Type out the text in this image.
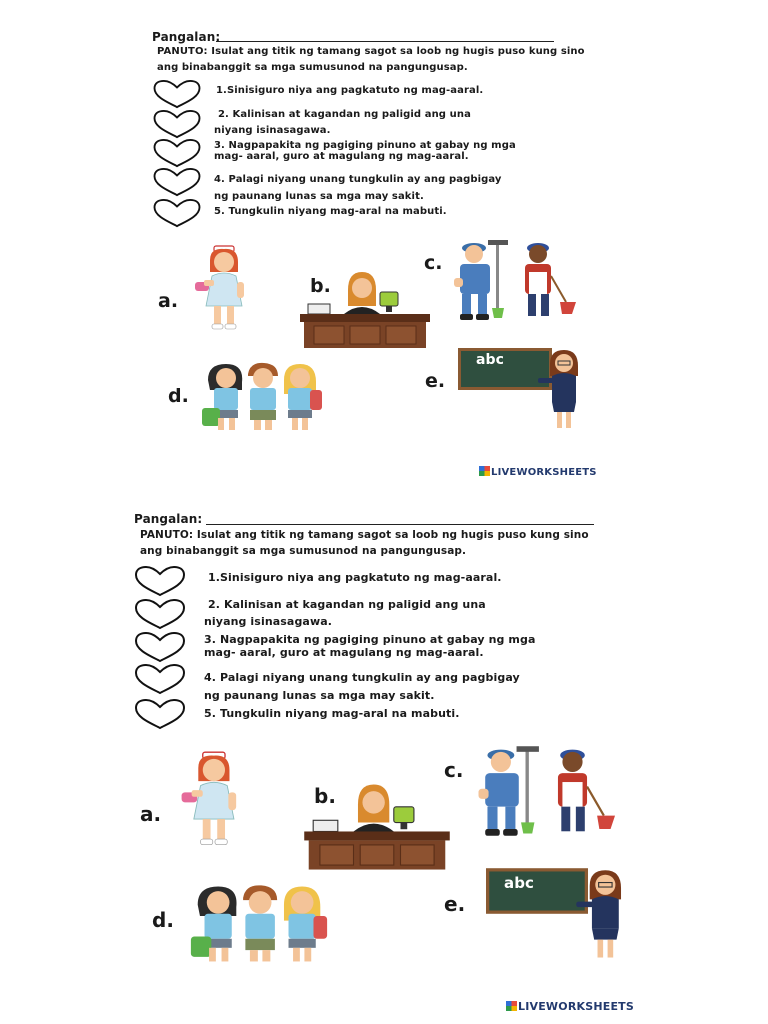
Pangalan:
PANUTO: Isulat ang titik ng tamang sagot sa loob ng hugis puso kung sino
ang binabanggit sa mga sumusunod na pangungusap.
1.Sinisiguro niya ang pagkatuto ng mag-aaral.
2. Kalinisan at kagandan ng paligid ang una
niyang isinasagawa.
3. Nagpapakita ng pagiging pinuno at gabay ng mga
mag- aaral, guro at magulang ng mag-aaral.
4. Palagi niyang unang tungkulin ay ang pagbigay
ng paunang lunas sa mga may sakit.
5. Tungkulin niyang mag-aral na mabuti.
a.
b.
c.
d.
e.
abc
LIVEWORKSHEETS
Pangalan:
PANUTO: Isulat ang titik ng tamang sagot sa loob ng hugis puso kung sino
ang binabanggit sa mga sumusunod na pangungusap.
1.Sinisiguro niya ang pagkatuto ng mag-aaral.
2. Kalinisan at kagandan ng paligid ang una
niyang isinasagawa.
3. Nagpapakita ng pagiging pinuno at gabay ng mga
mag- aaral, guro at magulang ng mag-aaral.
4. Palagi niyang unang tungkulin ay ang pagbigay
ng paunang lunas sa mga may sakit.
5. Tungkulin niyang mag-aral na mabuti.
a.
b.
c.
d.
e.
abc
LIVEWORKSHEETS
